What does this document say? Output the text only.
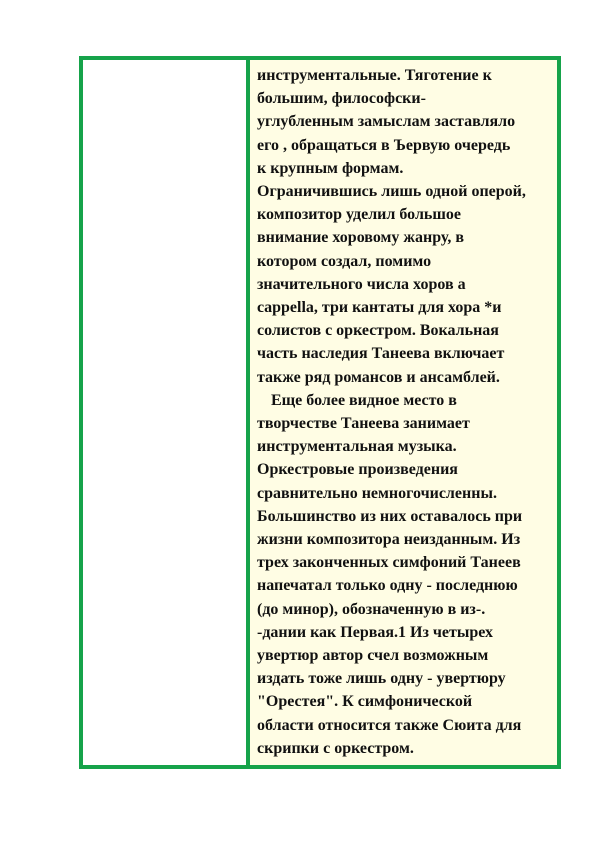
инструментальные. Тяготение к
большим, философски-
углубленным замыслам заставляло
его , обращаться в Ъервую очередь
к крупным формам.
Ограничившись лишь одной оперой,
композитор уделил большое
внимание хоровому жанру, в
котором создал, помимо
значительного числа хоров а
cappella, три кантаты для хора *и
солистов с оркестром. Вокальная
часть наследия Танеева включает
также ряд романсов и ансамблей.

Еще более видное место в
творчестве Танеева занимает
инструментальная музыка.
Оркестровые произведения
сравнительно немногочисленны.
Большинство из них оставалось при
жизни композитора неизданным. Из
трех законченных симфоний Танеев
напечатал только одну - последнюю
(до минор), обозначенную в из-.
-дании как Первая.1 Из четырех
увертюр автор счел возможным
издать тоже лишь одну - увертюру
"Орестея". К симфонической
области относится также Сюита для
скрипки с оркестром.
